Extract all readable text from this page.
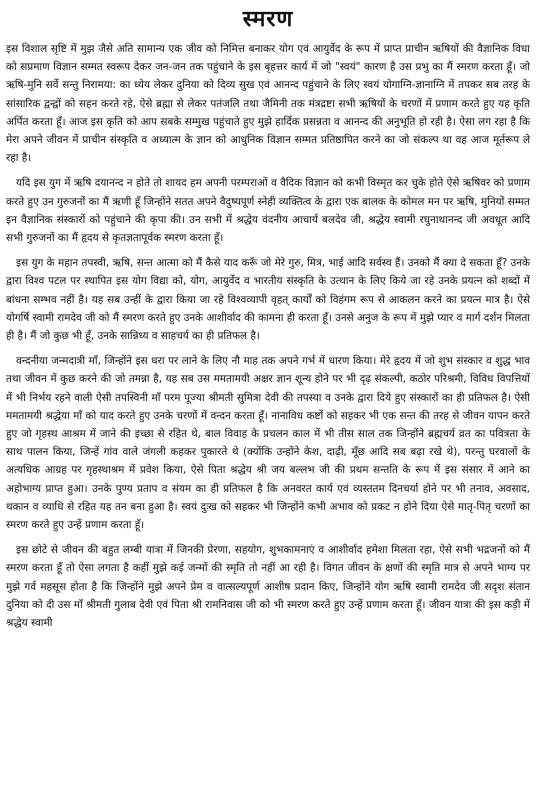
स्मरण

इस विशाल सृष्टि में मुझ जैसे अति सामान्य एक जीव को निमित्त बनाकर योग एवं आयुर्वेद के रूप में प्राप्त प्राचीन ऋषियों की वैज्ञानिक विधा को सप्रमाण विज्ञान सम्मत स्वरूप देकर जन-जन तक पहुंचाने के इस बृहत्तर कार्य में जो "स्वयं" कारण है उस प्रभु का मैं स्मरण करता हूँ। जो ऋषि-मुनि सर्वे सन्तु निरामया: का ध्येय लेकर दुनिया को दिव्य सुख एवं आनन्द पहुंचाने के लिए स्वयं योगाग्नि-ज्ञानाग्नि में तपकर सब तरह के सांसारिक द्वन्द्वों को सहन करते रहे, ऐसे ब्रह्मा से लेकर पतंजलि तथा जैमिनी तक मंत्रद्रष्टा सभी ऋषियों के चरणों में प्रणाम करते हुए यह कृति अर्पित करता हूँ। आज इस कृति को आप सबके सम्मुख पहुंचाते हुए मुझे हार्दिक प्रसन्नता व आनन्द की अनुभूति हो रही है। ऐसा लग रहा है कि मेरा अपने जीवन में प्राचीन संस्कृति व अध्यात्म के ज्ञान को आधुनिक विज्ञान सम्मत प्रतिष्ठापित करने का जो संकल्प था वह आज मूर्तरूप ले रहा है।

यदि इस युग में ऋषि दयानन्द न होते तो शायद हम अपनी परम्पराओं व वैदिक विज्ञान को कभी विस्मृत कर चुके होते ऐसे ऋषिवर को प्रणाम करते हुए उन गुरुजनों का मैं ऋणी हूँ जिन्होंने सतत अपने वैदुष्यपूर्ण स्नेही व्यक्तित्व के द्वारा एक बालक के कोमल मन पर ऋषि, मुनियों सम्मत इन वैज्ञानिक संस्कारों को पहुंचाने की कृपा की। उन सभी में श्रद्धेय वंदनीय आचार्य बलदेव जी, श्रद्धेय स्वामी रघुनाथानन्द जी अवधूत आदि सभी गुरुजनों का मैं हृदय से कृतज्ञतापूर्वक स्मरण करता हूँ।

इस युग के महान तपस्वी, ऋषि, सन्त आत्मा को मैं कैसे याद करूँ जो मेरे गुरु, मित्र, भाई आदि सर्वस्व हैं। उनको मैं क्या दे सकता हूँ? उनके द्वारा विश्व पटल पर स्थापित इस योग विद्या को, योग, आयुर्वेद व भारतीय संस्कृति के उत्थान के लिए किये जा रहे उनके प्रयत्न को शब्दों में बांधना सम्भव नहीं है। यह सब उन्हीं के द्वारा किया जा रहे विश्वव्यापी वृहत् कार्यों को विहंगम रूप से आकलन करने का प्रयत्न मात्र है। ऐसे योगर्षि स्वामी रामदेव जी को मैं स्मरण करते हुए उनके आशीर्वाद की कामना ही करता हूँ। उनसे अनुज के रूप में मुझे प्यार व मार्ग दर्शन मिलता ही है। मैं जो कुछ भी हूँ, उनके सान्निध्य व साहचर्य का ही प्रतिफल है।

वन्दनीया जन्मदात्री माँ, जिन्होंने इस धरा पर लाने के लिए नौ माह तक अपने गर्भ में धारण किया। मेरे हृदय में जो शुभ संस्कार व शुद्ध भाव तथा जीवन में कुछ करने की जो तमन्ना है, यह सब उस ममतामयी अक्षर ज्ञान शून्य होने पर भी दृढ़ संकल्पी, कठोर परिश्रमी, विविध विपत्तियों में भी निर्भय रहने वाली ऐसी तपस्विनी माँ परम पूज्या श्रीमती सुमित्रा देवी की तपस्या व उनके द्वारा दिये हुए संस्कारों का ही प्रतिफल है। ऐसी ममतामयी श्रद्धेया माँ को याद करते हुए उनके चरणों में वन्दन करता हूँ। नानाविध कष्टों को सहकर भी एक सन्त की तरह से जीवन यापन करते हुए जो गृहस्थ आश्रम में जाने की इच्छा से रहित थे, बाल विवाह के प्रचलन काल में भी तीस साल तक जिन्होंने ब्रह्मचर्य व्रत का पवित्रता के साथ पालन किया, जिन्हें गांव वाले जंगली कहकर पुकारते थे (क्योंकि उन्होंने केश, दाढ़ी, मूँछ आदि सब बढ़ा रखे थे), परन्तु घरवालों के अत्यधिक आग्रह पर गृहस्थाश्रम में प्रवेश किया, ऐसे पिता श्रद्धेय श्री जय बल्लभ जी की प्रथम सन्तति के रूप में इस संसार में आने का अहोभाग्य प्राप्त हुआ। उनके पुण्य प्रताप व संयम का ही प्रतिफल है कि अनवरत कार्य एवं व्यस्ततम दिनचर्या होने पर भी तनाव, अवसाद, थकान व व्याधि से रहित यह तन बना हुआ है। स्वयं दुःख को सहकर भी जिन्होंने कभी अभाव को प्रकट न होने दिया ऐसे मातृ-पितृ चरणों का स्मरण करते हुए उन्हें प्रणाम करता हूँ।

इस छोटे से जीवन की बहुत लम्बी यात्रा में जिनकी प्रेरणा, सहयोग, शुभकामनाएं व आशीर्वाद हमेशा मिलता रहा, ऐसे सभी भद्रजनों को मैं स्मरण करता हूँ तो ऐसा लगता है कहीं मुझे कई जन्मों की स्मृति तो नहीं आ रही है। विगत जीवन के क्षणों की स्मृति मात्र से अपने भाग्य पर मुझे गर्व महसूस होता है कि जिन्होंने मुझे अपने प्रेम व वात्सल्यपूर्ण आशीष प्रदान किए, जिन्होंने योग ऋषि स्वामी रामदेव जी सदृश संतान दुनिया को दी उस माँ श्रीमती गुलाब देवी एवं पिता श्री रामनिवास जी को भी स्मरण करते हुए उन्हें प्रणाम करता हूँ। जीवन यात्रा की इस कड़ी में श्रद्धेय स्वामी
